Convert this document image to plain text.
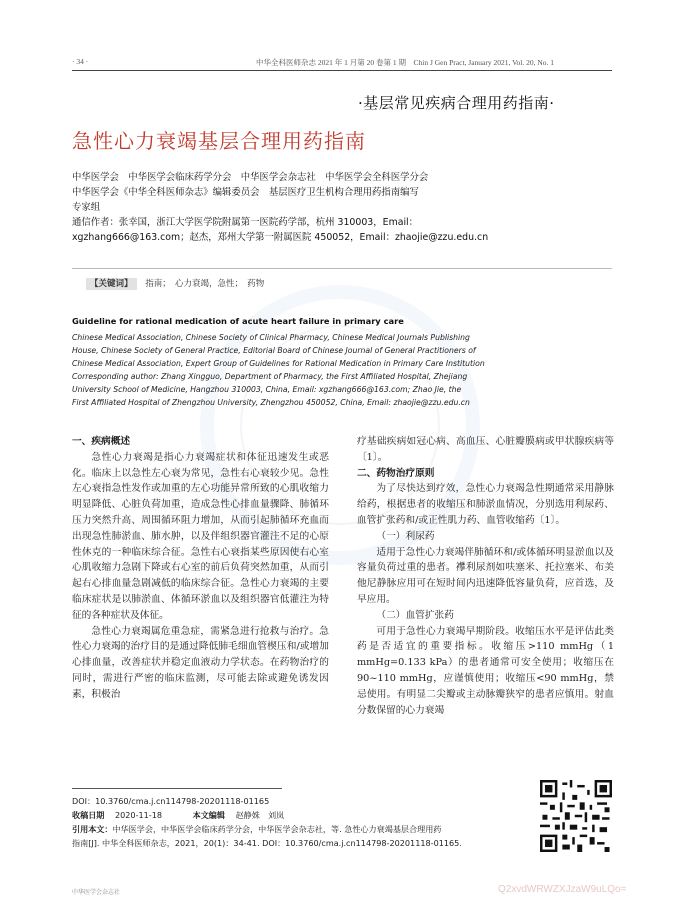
· 34 ·	中华全科医师杂志 2021 年 1 月第 20 卷第 1 期　Chin J Gen Pract, January 2021, Vol. 20, No. 1
·基层常见疾病合理用药指南·
急性心力衰竭基层合理用药指南

中华医学会　中华医学会临床药学分会　中华医学会杂志社　中华医学会全科医学分会

中华医学会《中华全科医师杂志》编辑委员会　基层医疗卫生机构合理用药指南编写

专家组

通信作者：张幸国，浙江大学医学院附属第一医院药学部，杭州 310003，Email：

xgzhang666@163.com；赵杰，郑州大学第一附属医院 450052，Email：zhaojie@zzu.edu.cn

【关键词】 指南；　心力衰竭，急性；　药物
Guideline for rational medication of acute heart failure in primary care
Chinese Medical Association, Chinese Society of Clinical Pharmacy, Chinese Medical Journals Publishing
House, Chinese Society of General Practice, Editorial Board of Chinese Journal of General Practitioners of
Chinese Medical Association, Expert Group of Guidelines for Rational Medication in Primary Care Institution
Corresponding author: Zhang Xingguo, Department of Pharmacy, the First Affiliated Hospital, Zhejiang
University School of Medicine, Hangzhou 310003, China, Email: xgzhang666@163.com; Zhao Jie, the
First Affiliated Hospital of Zhengzhou University, Zhengzhou 450052, China, Email: zhaojie@zzu.edu.cn
一、疾病概述

急性心力衰竭是指心力衰竭症状和体征迅速发生或恶化。临床上以急性左心衰为常见，急性右心衰较少见。急性左心衰指急性发作或加重的左心功能异常所致的心肌收缩力明显降低、心脏负荷加重，造成急性心排血量骤降、肺循环压力突然升高、周围循环阻力增加，从而引起肺循环充血而出现急性肺淤血、肺水肿，以及伴组织器官灌注不足的心原性休克的一种临床综合征。急性右心衰指某些原因使右心室心肌收缩力急剧下降或右心室的前后负荷突然加重，从而引起右心排血量急剧减低的临床综合征。急性心力衰竭的主要临床症状是以肺淤血、体循环淤血以及组织器官低灌注为特征的各种症状及体征。

急性心力衰竭属危重急症，需紧急进行抢救与治疗。急性心力衰竭的治疗目的是通过降低肺毛细血管楔压和/或增加心排血量，改善症状并稳定血液动力学状态。在药物治疗的同时，需进行严密的临床监测，尽可能去除或避免诱发因素，积极治

疗基础疾病如冠心病、高血压、心脏瓣膜病或甲状腺疾病等〔1〕。

二、药物治疗原则

为了尽快达到疗效，急性心力衰竭急性期通常采用静脉给药，根据患者的收缩压和肺淤血情况，分别选用利尿药、血管扩张药和/或正性肌力药、血管收缩药〔1〕。

（一）利尿药

适用于急性心力衰竭伴肺循环和/或体循环明显淤血以及容量负荷过重的患者。襻利尿剂如呋塞米、托拉塞米、布美他尼静脉应用可在短时间内迅速降低容量负荷，应首选，及早应用。

（二）血管扩张药

可用于急性心力衰竭早期阶段。收缩压水平是评估此类药是否适宜的重要指标。收缩压>110 mmHg（1 mmHg=0.133 kPa）的患者通常可安全使用；收缩压在 90~110 mmHg，应谨慎使用；收缩压<90 mmHg，禁忌使用。有明显二尖瓣或主动脉瓣狭窄的患者应慎用。射血分数保留的心力衰竭

DOI：10.3760/cma.j.cn114798-20201118-01165
收稿日期 2020-11-18	本文编辑 赵静姝　刘岚
引用本文：中华医学会，中华医学会临床药学分会，中华医学会杂志社，等. 急性心力衰竭基层合理用药
指南[J]. 中华全科医师杂志，2021，20(1)：34-41. DOI：10.3760/cma.j.cn114798-20201118-01165.
中华医学会杂志社	Q2xvdWRWZXJzaW9uLQo=
